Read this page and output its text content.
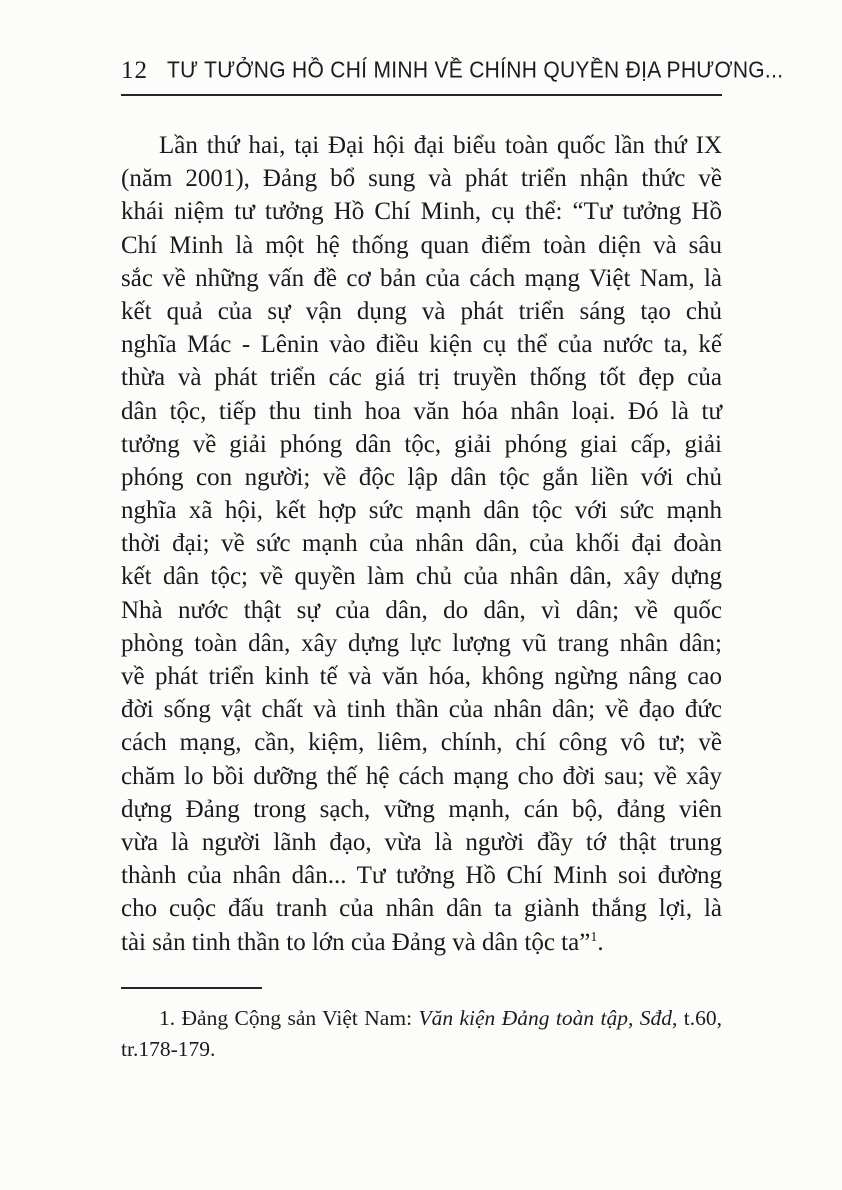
12 TƯ TƯỞNG HỒ CHÍ MINH VỀ CHÍNH QUYỀN ĐỊA PHƯƠNG...
Lần thứ hai, tại Đại hội đại biểu toàn quốc lần thứ IX
(năm 2001), Đảng bổ sung và phát triển nhận thức về
khái niệm tư tưởng Hồ Chí Minh, cụ thể: “Tư tưởng Hồ
Chí Minh là một hệ thống quan điểm toàn diện và sâu
sắc về những vấn đề cơ bản của cách mạng Việt Nam, là
kết quả của sự vận dụng và phát triển sáng tạo chủ
nghĩa Mác - Lênin vào điều kiện cụ thể của nước ta, kế
thừa và phát triển các giá trị truyền thống tốt đẹp của
dân tộc, tiếp thu tinh hoa văn hóa nhân loại. Đó là tư
tưởng về giải phóng dân tộc, giải phóng giai cấp, giải
phóng con người; về độc lập dân tộc gắn liền với chủ
nghĩa xã hội, kết hợp sức mạnh dân tộc với sức mạnh
thời đại; về sức mạnh của nhân dân, của khối đại đoàn
kết dân tộc; về quyền làm chủ của nhân dân, xây dựng
Nhà nước thật sự của dân, do dân, vì dân; về quốc
phòng toàn dân, xây dựng lực lượng vũ trang nhân dân;
về phát triển kinh tế và văn hóa, không ngừng nâng cao
đời sống vật chất và tinh thần của nhân dân; về đạo đức
cách mạng, cần, kiệm, liêm, chính, chí công vô tư; về
chăm lo bồi dưỡng thế hệ cách mạng cho đời sau; về xây
dựng Đảng trong sạch, vững mạnh, cán bộ, đảng viên
vừa là người lãnh đạo, vừa là người đầy tớ thật trung
thành của nhân dân... Tư tưởng Hồ Chí Minh soi đường
cho cuộc đấu tranh của nhân dân ta giành thắng lợi, là
tài sản tinh thần to lớn của Đảng và dân tộc ta”$^1$.
1. Đảng Cộng sản Việt Nam: Văn kiện Đảng toàn tập, Sđd, t.60,
tr.178-179.
